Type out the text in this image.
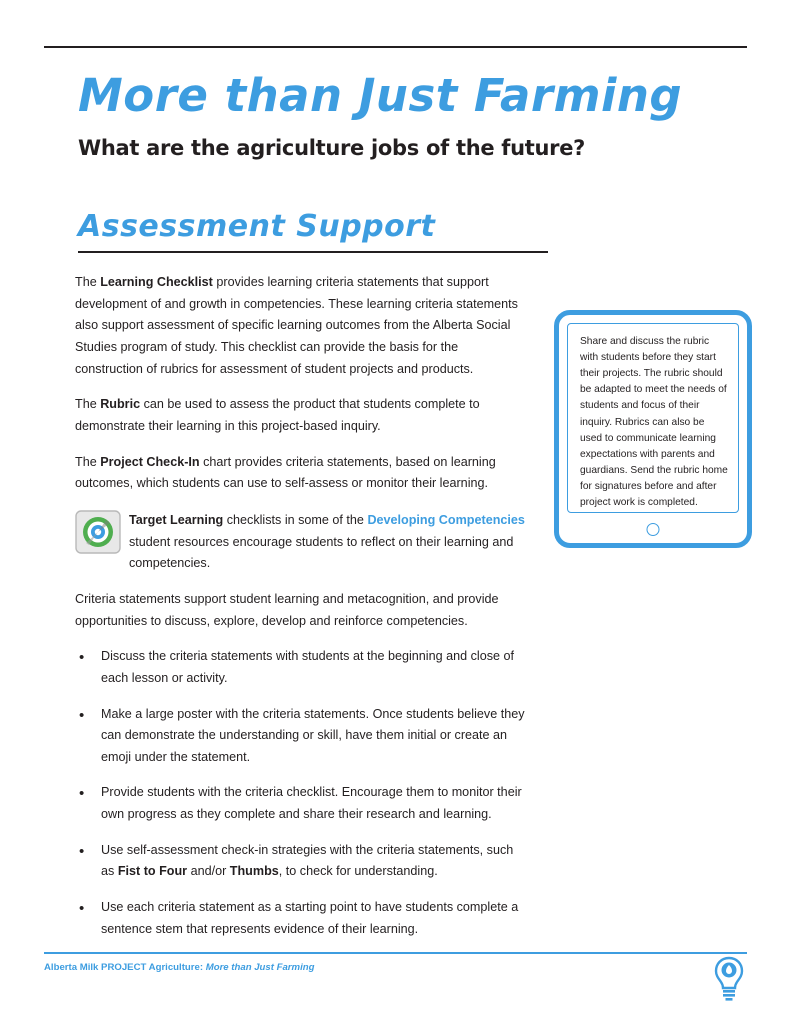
More than Just Farming
What are the agriculture jobs of the future?
Assessment Support

The Learning Checklist provides learning criteria statements that support development of and growth in competencies. These learning criteria statements also support assessment of specific learning outcomes from the Alberta Social Studies program of study. This checklist can provide the basis for the construction of rubrics for assessment of student projects and products.

The Rubric can be used to assess the product that students complete to demonstrate their learning in this project-based inquiry.

The Project Check-In chart provides criteria statements, based on learning outcomes, which students can use to self-assess or monitor their learning.

Target Learning checklists in some of the Developing Competencies student resources encourage students to reflect on their learning and competencies.

Criteria statements support student learning and metacognition, and provide opportunities to discuss, explore, develop and reinforce competencies.

• Discuss the criteria statements with students at the beginning and close of each lesson or activity.
• Make a large poster with the criteria statements. Once students believe they can demonstrate the understanding or skill, have them initial or create an emoji under the statement.
• Provide students with the criteria checklist. Encourage them to monitor their own progress as they complete and share their research and learning.
• Use self-assessment check-in strategies with the criteria statements, such as Fist to Four and/or Thumbs, to check for understanding.
• Use each criteria statement as a starting point to have students complete a sentence stem that represents evidence of their learning.
Share and discuss the rubric with students before they start their projects. The rubric should be adapted to meet the needs of students and focus of their inquiry. Rubrics can also be used to communicate learning expectations with parents and guardians. Send the rubric home for signatures before and after project work is completed.
Alberta Milk PROJECT Agriculture: More than Just Farming
